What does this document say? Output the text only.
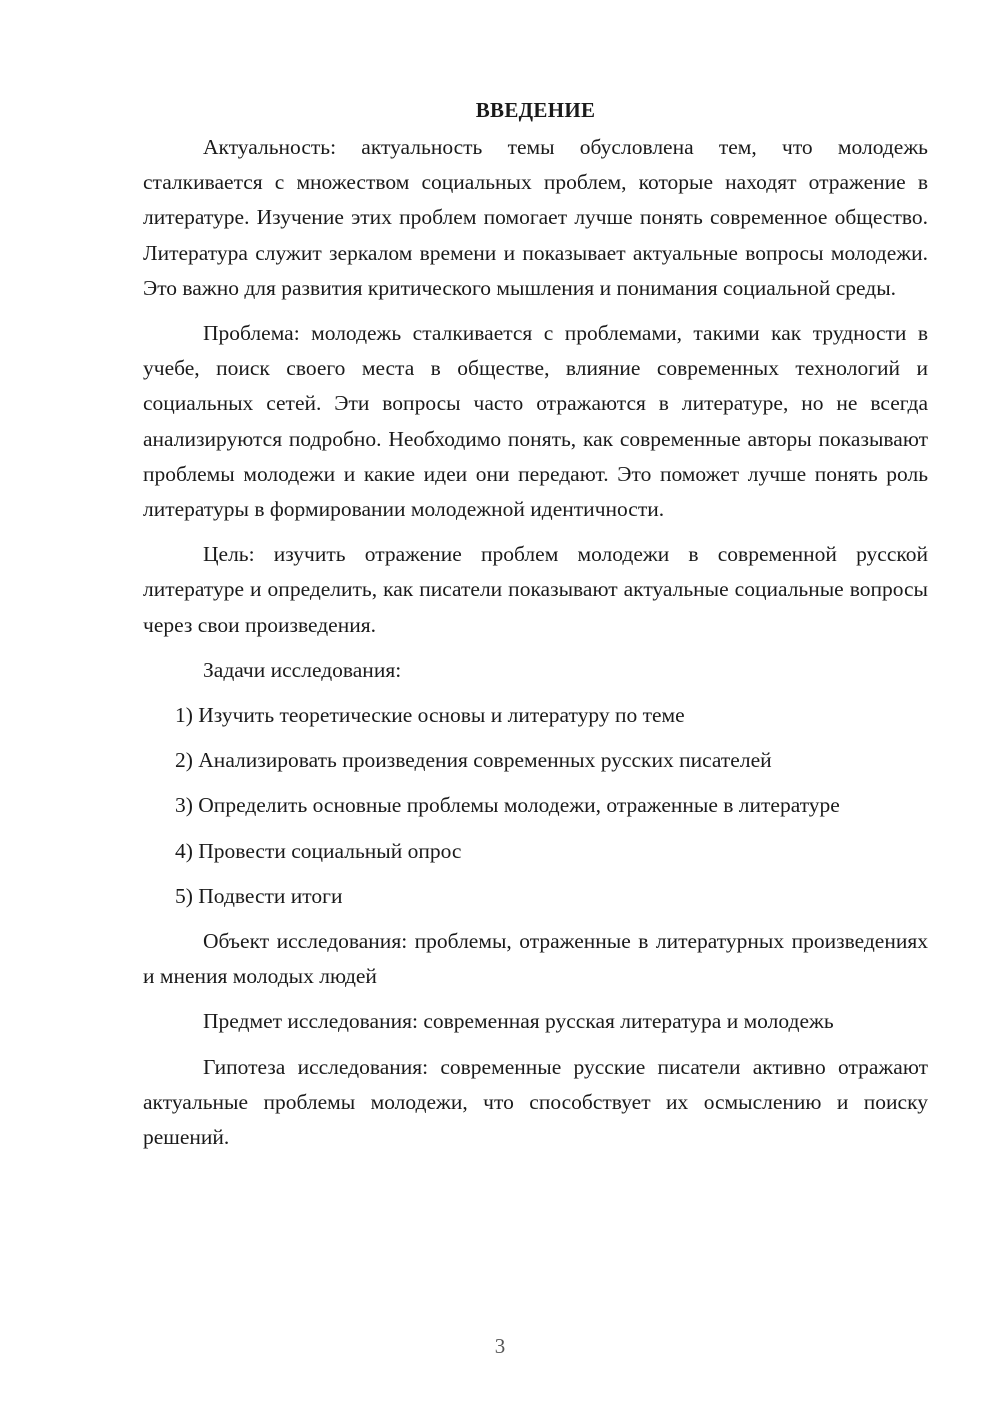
ВВЕДЕНИЕ

Актуальность: актуальность темы обусловлена тем, что молодежь сталкивается с множеством социальных проблем, которые находят отражение в литературе. Изучение этих проблем помогает лучше понять современное общество. Литература служит зеркалом времени и показывает актуальные вопросы молодежи. Это важно для развития критического мышления и понимания социальной среды.

Проблема: молодежь сталкивается с проблемами, такими как трудности в учебе, поиск своего места в обществе, влияние современных технологий и социальных сетей. Эти вопросы часто отражаются в литературе, но не всегда анализируются подробно. Необходимо понять, как современные авторы показывают проблемы молодежи и какие идеи они передают. Это поможет лучше понять роль литературы в формировании молодежной идентичности.

Цель: изучить отражение проблем молодежи в современной русской литературе и определить, как писатели показывают актуальные социальные вопросы через свои произведения.

Задачи исследования:

1) Изучить теоретические основы и литературу по теме

2) Анализировать произведения современных русских писателей

3) Определить основные проблемы молодежи, отраженные в литературе

4) Провести социальный опрос

5) Подвести итоги

Объект исследования: проблемы, отраженные в литературных произведениях и мнения молодых людей

Предмет исследования: современная русская литература и молодежь

Гипотеза исследования: современные русские писатели активно отражают актуальные проблемы молодежи, что способствует их осмыслению и поиску решений.

3
